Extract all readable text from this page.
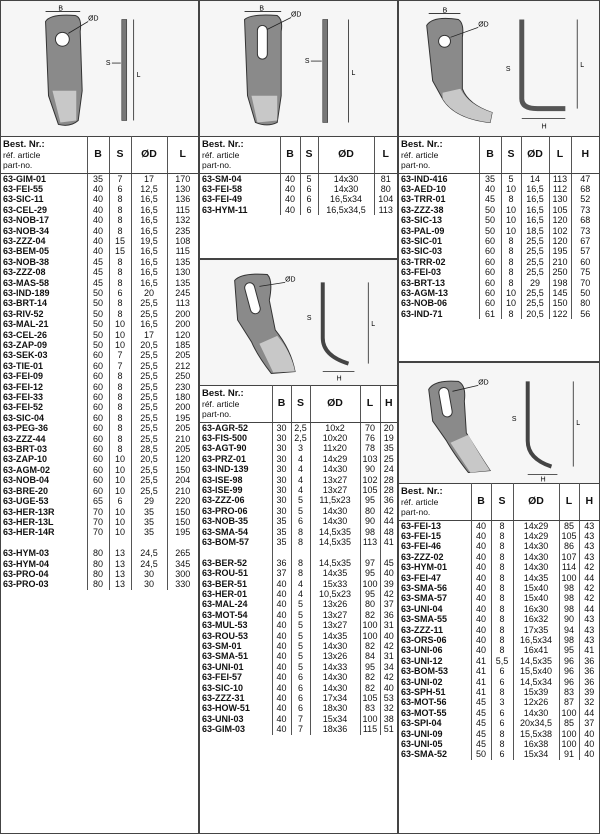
B
ØD
L
S
Best. Nr.:
réf. article
part-no.	B	S	ØD	L
63-GIM-01	35	7	17	170
63-FEI-55	40	6	12,5	130
63-SIC-11	40	8	16,5	136
63-CEL-29	40	8	16,5	115
63-NOB-17	40	8	16,5	132
63-NOB-34	40	8	16,5	235
63-ZZZ-04	40	15	19,5	108
63-BEM-05	40	15	16,5	115
63-NOB-38	45	8	16,5	135
63-ZZZ-08	45	8	16,5	130
63-MAS-58	45	8	16,5	135
63-IND-189	50	6	20	245
63-BRT-14	50	8	25,5	113
63-RIV-52	50	8	25,5	200
63-MAL-21	50	10	16,5	200
63-CEL-26	50	10	17	120
63-ZAP-09	50	10	20,5	185
63-SEK-03	60	7	25,5	205
63-TIE-01	60	7	25,5	212
63-FEI-09	60	8	25,5	250
63-FEI-12	60	8	25,5	230
63-FEI-33	60	8	25,5	180
63-FEI-52	60	8	25,5	200
63-SIC-04	60	8	25,5	195
63-PEG-36	60	8	25,5	205
63-ZZZ-44	60	8	25,5	210
63-BRT-03	60	8	28,5	205
63-ZAP-10	60	10	20,5	120
63-AGM-02	60	10	25,5	150
63-NOB-04	60	10	25,5	204
63-BRE-20	60	10	25,5	210
63-UGE-53	65	6	29	220
63-HER-13R	70	10	35	150
63-HER-13L	70	10	35	150
63-HER-14R	70	10	35	195

63-HYM-03	80	13	24,5	265
63-HYM-04	80	13	24,5	345
63-PRO-04	80	13	30	300
63-PRO-03	80	13	30	330
B
ØD
L
S
Best. Nr.:
réf. article
part-no.	B	S	ØD	L
63-SM-04	40	5	14x30	81
63-FEI-58	40	6	14x30	80
63-FEI-49	40	6	16,5x34	104
63-HYM-11	40	6	16,5x34,5	113
ØD
H
L
S
Best. Nr.:
réf. article
part-no.	B	S	ØD	L	H
63-AGR-52	30	2,5	10x2	70	20
63-FIS-500	30	2,5	10x20	76	19
63-AGT-90	30	3	11x20	78	35
63-PRZ-01	30	4	14x29	103	25
63-IND-139	30	4	14x30	90	24
63-ISE-98	30	4	13x27	102	28
63-ISE-99	30	4	13x27	105	28
63-ZZZ-06	30	5	11,5x23	95	36
63-PRO-06	30	5	14x30	80	42
63-NOB-35	35	6	14x30	90	44
63-SMA-54	35	8	14,5x35	98	48
63-BOM-57	35	8	14,5x35	113	41

63-BER-52	36	8	14,5x35	97	45
63-ROU-51	37	8	14x35	95	40
63-BER-51	40	4	15x33	100	39
63-HER-01	40	4	10,5x23	95	42
63-MAL-24	40	5	13x26	80	37
63-MOT-54	40	5	13x27	82	36
63-MUL-53	40	5	13x27	100	31
63-ROU-53	40	5	14x35	100	40
63-SM-01	40	5	14x30	82	42
63-SMA-51	40	5	13x26	84	31
63-UNI-01	40	5	14x33	95	34
63-FEI-57	40	6	14x30	82	42
63-SIC-10	40	6	14x30	82	40
63-ZZZ-31	40	6	17x34	105	53
63-HOW-51	40	6	18x30	83	32
63-UNI-03	40	7	15x34	100	38
63-GIM-03	40	7	18x36	115	51
ØD
B
H
L
S
Best. Nr.:
réf. article
part-no.	B	S	ØD	L	H
63-IND-416	35	5	14	113	47
63-AED-10	40	10	16,5	112	68
63-TRR-01	45	8	16,5	130	52
63-ZZZ-38	50	10	16,5	105	73
63-SIC-13	50	10	16,5	120	68
63-PAL-09	50	10	18,5	102	73
63-SIC-01	60	8	25,5	120	67
63-SIC-03	60	8	25,5	195	57
63-TRR-02	60	8	25,5	210	60
63-FEI-03	60	8	25,5	250	75
63-BRT-13	60	8	29	198	70
63-AGM-13	60	10	25,5	145	50
63-NOB-06	60	10	25,5	150	80
63-IND-71	61	8	20,5	122	56
ØD
H
L
S
Best. Nr.:
réf. article
part-no.	B	S	ØD	L	H
63-FEI-13	40	8	14x29	85	43
63-FEI-15	40	8	14x29	105	43
63-FEI-46	40	8	14x30	86	43
63-ZZZ-02	40	8	14x30	107	43
63-HYM-01	40	8	14x30	114	42
63-FEI-47	40	8	14x35	100	44
63-SMA-56	40	8	15x40	98	42
63-SMA-57	40	8	15x40	98	42
63-UNI-04	40	8	16x30	98	44
63-SMA-55	40	8	16x32	90	43
63-ZZZ-11	40	8	17x35	94	43
63-ORS-06	40	8	16,5x34	98	43
63-UNI-06	40	8	16x41	95	41
63-UNI-12	41	5,5	14,5x35	96	36
63-BOM-53	41	6	15,5x40	96	36
63-UNI-02	41	6	14,5x34	96	36
63-SPH-51	41	8	15x39	83	39
63-MOT-56	45	3	12x26	87	32
63-MOT-55	45	6	14x30	100	44
63-SPI-04	45	6	20x34,5	85	37
63-UNI-09	45	8	15,5x38	100	40
63-UNI-05	45	8	16x38	100	40
63-SMA-52	50	6	15x34	91	40
